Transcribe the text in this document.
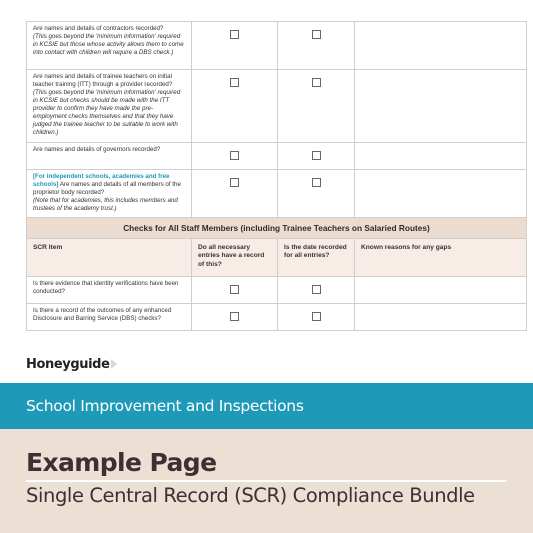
Are names and details of contractors recorded?
(This goes beyond the 'minimum information' required in KCSIE but those whose activity allows them to come into contact with children will require a DBS check.)			

Are names and details of trainee teachers on initial teacher training (ITT) through a provider recorded?
(This goes beyond the 'minimum information' required in KCSIE but checks should be made with the ITT provider to confirm they have made the pre-employment checks themselves and that they have judged the trainee teacher to be suitable to work with children.)			

Are names and details of governors recorded?			
[For independent schools, academies and free schools] Are names and details of all members of the proprietor body recorded?
(Note that for academies, this includes members and trustees of the academy trust.)			

Checks for All Staff Members (including Trainee Teachers on Salaried Routes)			
SCR Item	Do all necessary entries have a record of this?	Is the date recorded for all entries?	Known reasons for any gaps
Is there evidence that identity verifications have been conducted?			
Is there a record of the outcomes of any enhanced Disclosure and Barring Service (DBS) checks?			
Honeyguide
School Improvement and Inspections
Example Page
Single Central Record (SCR) Compliance Bundle
